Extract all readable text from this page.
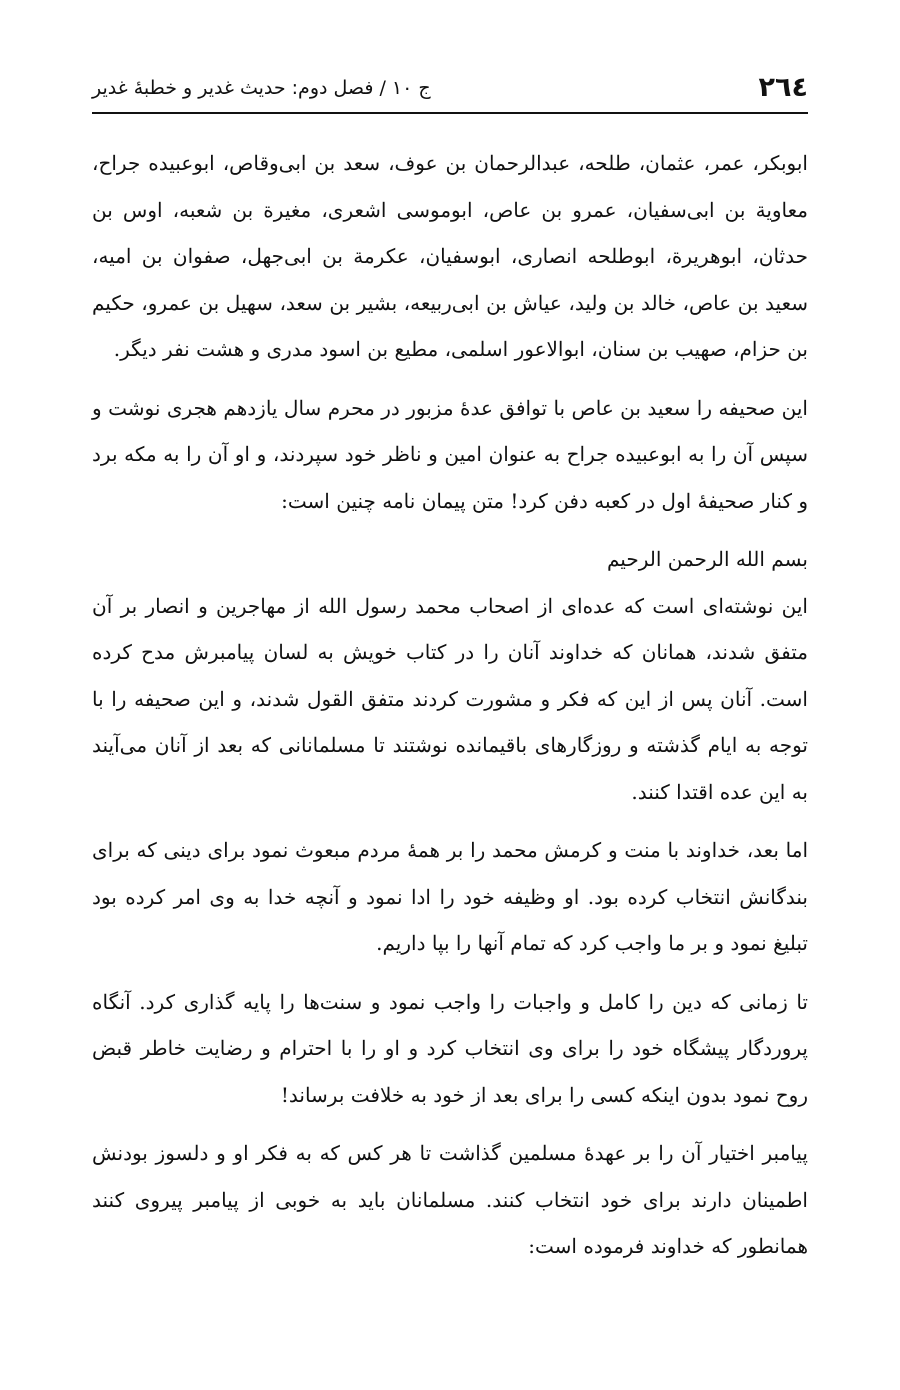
۲٦٤
ج ۱۰ / فصل دوم: حدیث غدیر و خطبهٔ غدیر

ابوبکر، عمر، عثمان، طلحه، عبدالرحمان بن عوف، سعد بن ابی‌وقاص، ابوعبیده جراح، معاویة بن ابی‌سفیان، عمرو بن عاص، ابوموسی اشعری، مغیرة بن شعبه، اوس بن حدثان، ابوهریرة، ابوطلحه انصاری، ابوسفیان، عکرمة بن ابی‌جهل، صفوان بن امیه، سعید بن عاص، خالد بن ولید، عیاش بن ابی‌ربیعه، بشیر بن سعد، سهیل بن عمرو، حکیم بن حزام، صهیب بن سنان، ابوالاعور اسلمی، مطیع بن اسود مدری و هشت نفر دیگر.

این صحیفه را سعید بن عاص با توافق عدهٔ مزبور در محرم سال یازدهم هجری نوشت و سپس آن را به ابوعبیده جراح به عنوان امین و ناظر خود سپردند، و او آن را به مکه برد و کنار صحیفهٔ اول در کعبه دفن کرد! متن پیمان نامه چنین است:

بسم الله الرحمن الرحیم

این نوشته‌ای است که عده‌ای از اصحاب محمد رسول الله از مهاجرین و انصار بر آن متفق شدند، همانان که خداوند آنان را در کتاب خویش به لسان پیامبرش مدح کرده است. آنان پس از این که فکر و مشورت کردند متفق القول شدند، و این صحیفه را با توجه به ایام گذشته و روزگارهای باقیمانده نوشتند تا مسلمانانی که بعد از آنان می‌آیند به این عده اقتدا کنند.

اما بعد، خداوند با منت و کرمش محمد را بر همهٔ مردم مبعوث نمود برای دینی که برای بندگانش انتخاب کرده بود. او وظیفه خود را ادا نمود و آنچه خدا به وی امر کرده بود تبلیغ نمود و بر ما واجب کرد که تمام آنها را بپا داریم.

تا زمانی که دین را کامل و واجبات را واجب نمود و سنت‌ها را پایه گذاری کرد. آنگاه پروردگار پیشگاه خود را برای وی انتخاب کرد و او را با احترام و رضایت خاطر قبض روح نمود بدون اینکه کسی را برای بعد از خود به خلافت برساند!

پیامبر اختیار آن را بر عهدهٔ مسلمین گذاشت تا هر کس که به فکر او و دلسوز بودنش اطمینان دارند برای خود انتخاب کنند. مسلمانان باید به خوبی از پیامبر پیروی کنند همانطور که خداوند فرموده است:
